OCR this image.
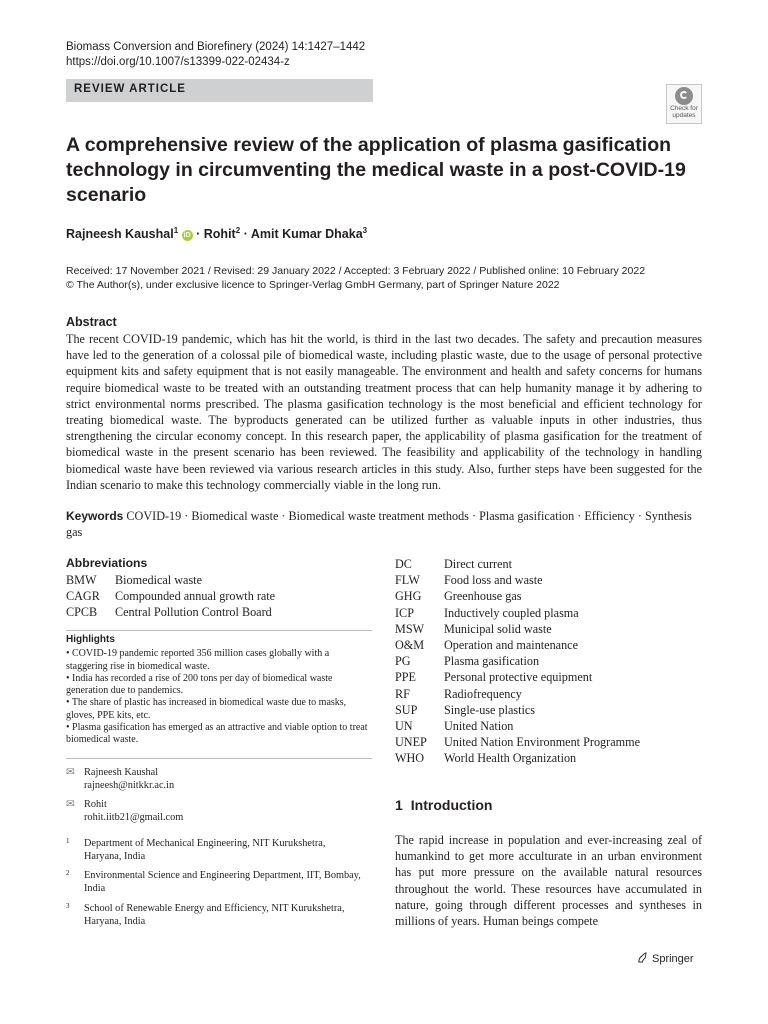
Biomass Conversion and Biorefinery (2024) 14:1427–1442
https://doi.org/10.1007/s13399-022-02434-z
REVIEW ARTICLE
Check for
updates
A comprehensive review of the application of plasma gasification technology in circumventing the medical waste in a post-COVID-19 scenario
Rajneesh Kaushal$^1$ iD · Rohit$^2$ · Amit Kumar Dhaka$^3$
Received: 17 November 2021 / Revised: 29 January 2022 / Accepted: 3 February 2022 / Published online: 10 February 2022
© The Author(s), under exclusive licence to Springer-Verlag GmbH Germany, part of Springer Nature 2022
Abstract
The recent COVID-19 pandemic, which has hit the world, is third in the last two decades. The safety and precaution measures have led to the generation of a colossal pile of biomedical waste, including plastic waste, due to the usage of personal protective equipment kits and safety equipment that is not easily manageable. The environment and health and safety concerns for humans require biomedical waste to be treated with an outstanding treatment process that can help humanity manage it by adhering to strict environmental norms prescribed. The plasma gasification technology is the most beneficial and efficient technology for treating biomedical waste. The byproducts generated can be utilized further as valuable inputs in other industries, thus strengthening the circular economy concept. In this research paper, the applicability of plasma gasification for the treatment of biomedical waste in the present scenario has been reviewed. The feasibility and applicability of the technology in handling biomedical waste have been reviewed via various research articles in this study. Also, further steps have been suggested for the Indian scenario to make this technology commercially viable in the long run.
Keywords COVID-19 · Biomedical waste · Biomedical waste treatment methods · Plasma gasification · Efficiency · Synthesis gas
Abbreviations
BMW Biomedical waste
CAGR Compounded annual growth rate
CPCB Central Pollution Control Board
DC	Direct current
FLW Food loss and waste
GHG Greenhouse gas
ICP Inductively coupled plasma
MSW Municipal solid waste
O&M Operation and maintenance
PG	Plasma gasification
PPE Personal protective equipment
RF	Radiofrequency
SUP Single-use plastics
UN	United Nation
UNEP United Nation Environment Programme
WHO World Health Organization
Highlights
• COVID-19 pandemic reported 356 million cases globally with a staggering rise in biomedical waste.
• India has recorded a rise of 200 tons per day of biomedical waste generation due to pandemics.
• The share of plastic has increased in biomedical waste due to masks, gloves, PPE kits, etc.
• Plasma gasification has emerged as an attractive and viable option to treat biomedical waste.
✉ Rajneesh Kaushal
rajneesh@nitkkr.ac.in
✉ Rohit
rohit.iitb21@gmail.com
1 Department of Mechanical Engineering, NIT Kurukshetra, Haryana, India
2 Environmental Science and Engineering Department, IIT, Bombay, India
3 School of Renewable Energy and Efficiency, NIT Kurukshetra, Haryana, India
1 Introduction
The rapid increase in population and ever-increasing zeal of humankind to get more acculturate in an urban environment has put more pressure on the available natural resources throughout the world. These resources have accumulated in nature, going through different processes and syntheses in millions of years. Human beings compete
Springer
